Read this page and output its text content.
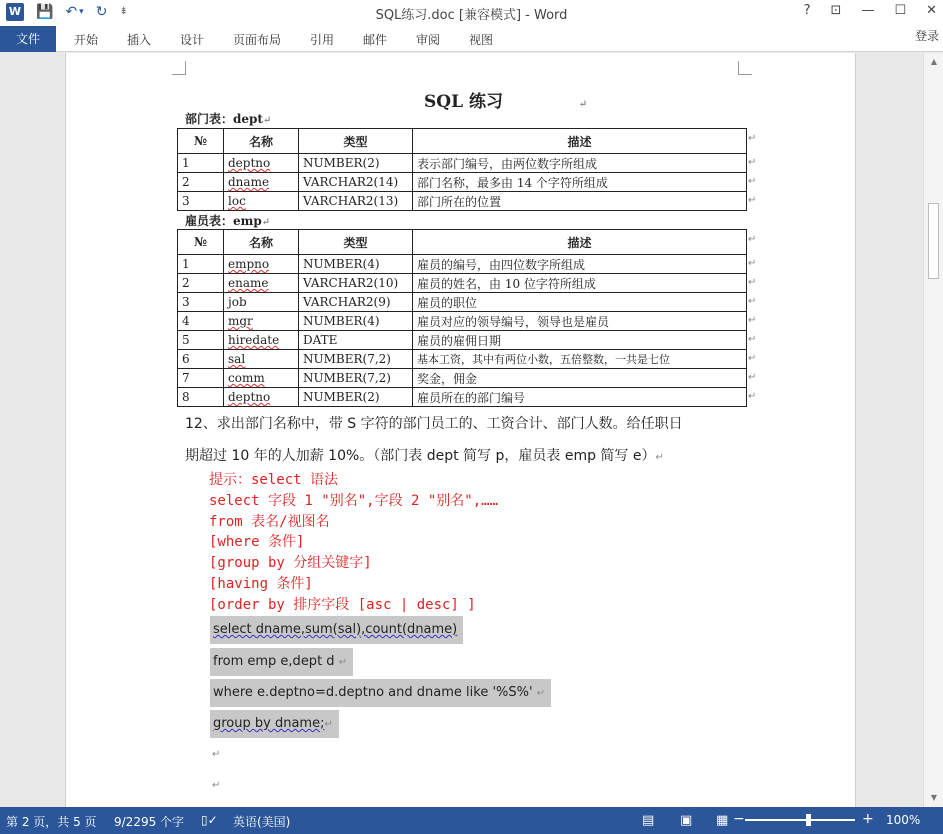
W 💾 ↶ ▾ ↻ ⇟	SQL练习.doc [兼容模式] - Word	? ⊡ — ☐ ✕
文件	开始 插入 设计 页面布局 引用 邮件 审阅 视图	登录
SQL 练习	↵
部门表：dept↵
№	名称	类型	描述
1	deptno	NUMBER(2)	表示部门编号，由两位数字所组成
2	dname	VARCHAR2(14)	部门名称，最多由 14 个字符所组成
3	loc	VARCHAR2(13)	部门所在的位置
雇员表：emp↵
№	名称	类型	描述
1	empno	NUMBER(4)	雇员的编号，由四位数字所组成
2	ename	VARCHAR2(10)	雇员的姓名，由 10 位字符所组成
3	job	VARCHAR2(9)	雇员的职位
4	mgr	NUMBER(4)	雇员对应的领导编号，领导也是雇员
5	hiredate	DATE	雇员的雇佣日期
6	sal	NUMBER(7,2)	基本工资，其中有两位小数，五倍整数，一共是七位
7	comm	NUMBER(7,2)	奖金，佣金
8	deptno	NUMBER(2)	雇员所在的部门编号
12、求出部门名称中，带 S 字符的部门员工的、工资合计、部门人数。给任职日
期超过 10 年的人加薪 10%。（部门表 dept 简写 p，雇员表 emp 简写 e）↵
提示：select 语法
select 字段 1 "别名",字段 2 "别名",……
from 表名/视图名
[where 条件]
[group by 分组关键字]
[having 条件]
[order by 排序字段 [asc | desc] ]
select dname,sum(sal),count(dname)
from emp e,dept d ↵
where e.deptno=d.deptno and dname like '%S%' ↵
group by dname;↵
↵
↵
↵
↵
↵
↵
↵
↵
↵
↵
↵
↵
↵
↵
↵
▲
▼
第 2 页，共 5 页 9/2295 个字 ▯✓ 英语(美国)	▤ ▣ ▦ −	+ 100%
